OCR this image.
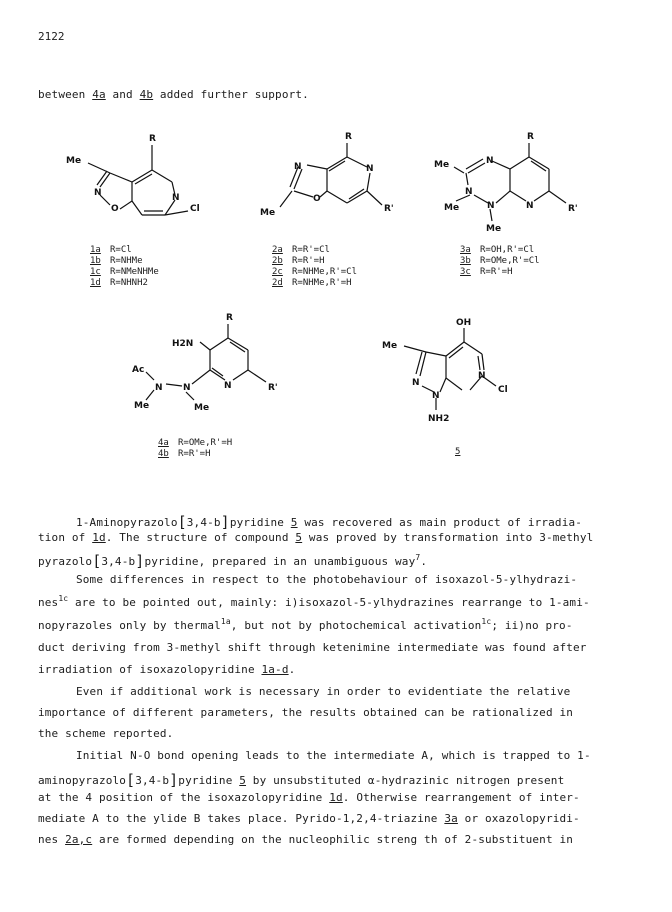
2122
between 4a and 4b added further support.
R
Me
N
O
N
Cl
R
N	N
O
Me	R'
R
Me	N
N
N	N
Me
Me
R'
1a R=Cl
1b R=NHMe
1c R=NMeNHMe
1d R=NHNH2
2a R=R'=Cl
2b R=R'=H
2c R=NHMe,R'=Cl
2d R=NHMe,R'=H
3a R=OH,R'=Cl
3b R=OMe,R'=Cl
3c R=R'=H
R
H2N
Ac
N N
Me	Me
N	R'
OH
Me
N
N
N
NH2
Cl
4a R=OMe,R'=H
4b R=R'=H	5
1-Aminopyrazolo[3,4-b]pyridine 5 was recovered as main product of irradia-
tion of 1d. The structure of compound 5 was proved by transformation into 3-methyl
pyrazolo[3,4-b]pyridine, prepared in an unambiguous way$^7$.
Some differences in respect to the photobehaviour of isoxazol-5-ylhydrazi-
nes$^{1c}$ are to be pointed out, mainly: i)isoxazol-5-ylhydrazines rearrange to 1-ami-
nopyrazoles only by thermal$^{1a}$, but not by photochemical activation$^{1c}$; ii)no pro-
duct deriving from 3-methyl shift through ketenimine intermediate was found after
irradiation of isoxazolopyridine 1a-d.
Even if additional work is necessary in order to evidentiate the relative
importance of different parameters, the results obtained can be rationalized in
the scheme reported.
Initial N-O bond opening leads to the intermediate A, which is trapped to 1-
aminopyrazolo[3,4-b]pyridine 5 by unsubstituted α-hydrazinic nitrogen present
at the 4 position of the isoxazolopyridine 1d. Otherwise rearrangement of inter-
mediate A to the ylide B takes place. Pyrido-1,2,4-triazine 3a or oxazolopyridi-
nes 2a,c are formed depending on the nucleophilic streng th of 2-substituent in
